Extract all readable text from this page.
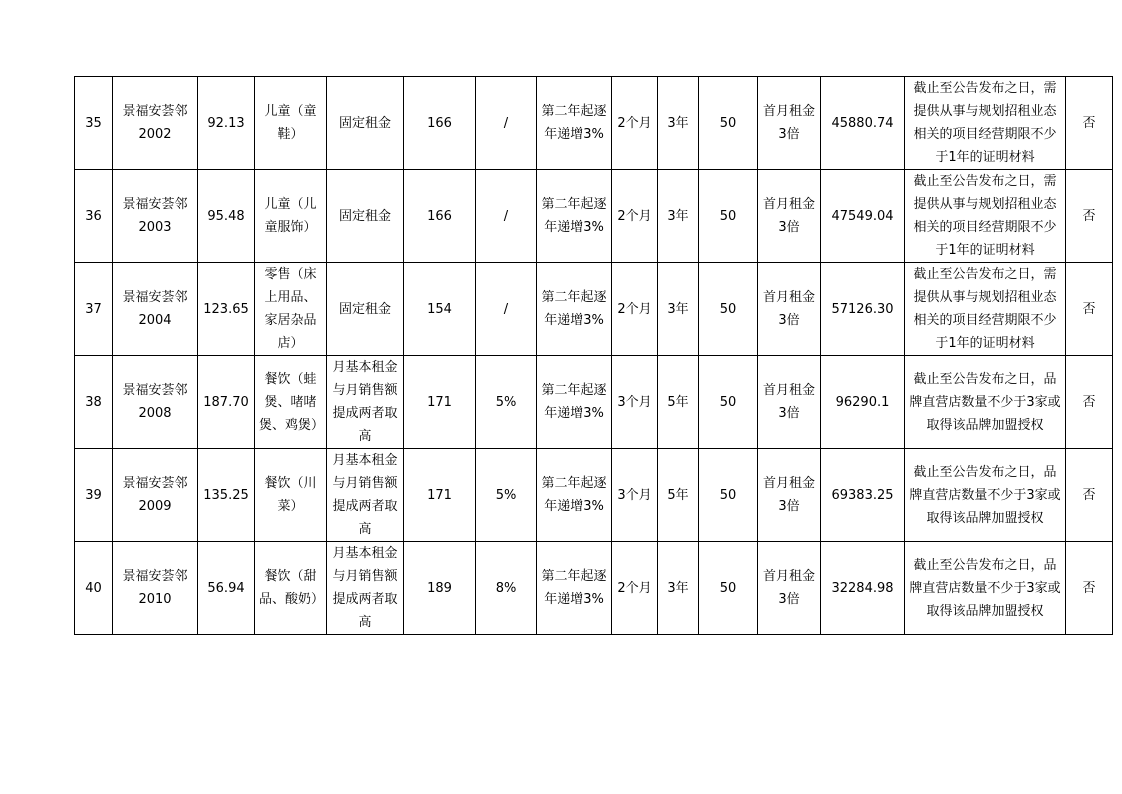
35	景福安荟邻2002	92.13	儿童（童鞋）	固定租金	166	/	第二年起逐年递增3%	2个月	3年	50	首月租金3倍	45880.74	截止至公告发布之日，需提供从事与规划招租业态相关的项目经营期限不少于1年的证明材料	否
36	景福安荟邻2003	95.48	儿童（儿童服饰）	固定租金	166	/	第二年起逐年递增3%	2个月	3年	50	首月租金3倍	47549.04	截止至公告发布之日，需提供从事与规划招租业态相关的项目经营期限不少于1年的证明材料	否
37	景福安荟邻2004	123.65	零售（床上用品、家居杂品店）	固定租金	154	/	第二年起逐年递增3%	2个月	3年	50	首月租金3倍	57126.30	截止至公告发布之日，需提供从事与规划招租业态相关的项目经营期限不少于1年的证明材料	否
38	景福安荟邻2008	187.70	餐饮（蛙煲、啫啫煲、鸡煲）	月基本租金与月销售额提成两者取高	171	5%	第二年起逐年递增3%	3个月	5年	50	首月租金3倍	96290.1	截止至公告发布之日，品牌直营店数量不少于3家或取得该品牌加盟授权	否
39	景福安荟邻2009	135.25	餐饮（川菜）	月基本租金与月销售额提成两者取高	171	5%	第二年起逐年递增3%	3个月	5年	50	首月租金3倍	69383.25	截止至公告发布之日，品牌直营店数量不少于3家或取得该品牌加盟授权	否
40	景福安荟邻2010	56.94	餐饮（甜品、酸奶）	月基本租金与月销售额提成两者取高	189	8%	第二年起逐年递增3%	2个月	3年	50	首月租金3倍	32284.98	截止至公告发布之日，品牌直营店数量不少于3家或取得该品牌加盟授权	否
